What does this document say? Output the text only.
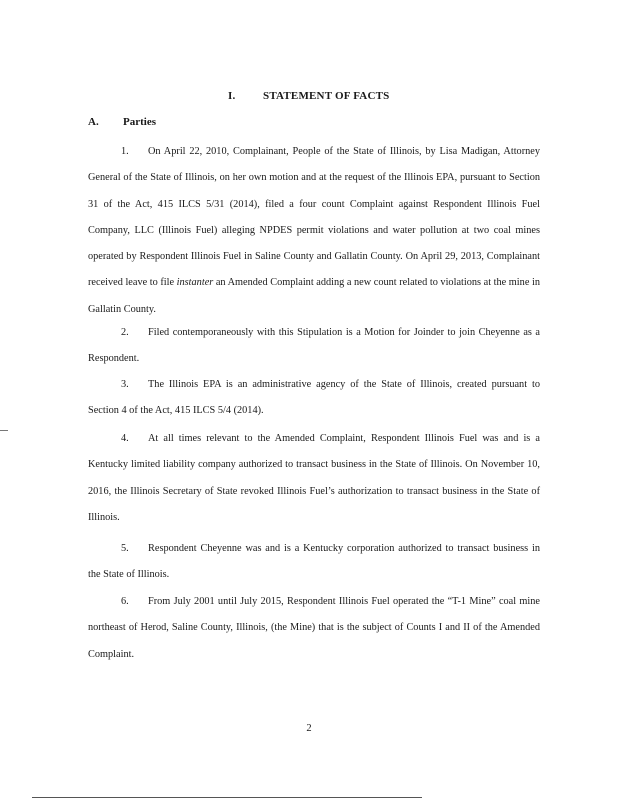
I.	STATEMENT OF FACTS
A. Parties

1. On April 22, 2010, Complainant, People of the State of Illinois, by Lisa Madigan, Attorney General of the State of Illinois, on her own motion and at the request of the Illinois EPA, pursuant to Section 31 of the Act, 415 ILCS 5/31 (2014), filed a four count Complaint against Respondent Illinois Fuel Company, LLC (Illinois Fuel) alleging NPDES permit violations and water pollution at two coal mines operated by Respondent Illinois Fuel in Saline County and Gallatin County. On April 29, 2013, Complainant received leave to file instanter an Amended Complaint adding a new count related to violations at the mine in Gallatin County.

2. Filed contemporaneously with this Stipulation is a Motion for Joinder to join Cheyenne as a Respondent.

3. The Illinois EPA is an administrative agency of the State of Illinois, created pursuant to Section 4 of the Act, 415 ILCS 5/4 (2014).

4. At all times relevant to the Amended Complaint, Respondent Illinois Fuel was and is a Kentucky limited liability company authorized to transact business in the State of Illinois. On November 10, 2016, the Illinois Secretary of State revoked Illinois Fuel’s authorization to transact business in the State of Illinois.

5. Respondent Cheyenne was and is a Kentucky corporation authorized to transact business in the State of Illinois.

6. From July 2001 until July 2015, Respondent Illinois Fuel operated the “T-1 Mine” coal mine northeast of Herod, Saline County, Illinois, (the Mine) that is the subject of Counts I and II of the Amended Complaint.

2
